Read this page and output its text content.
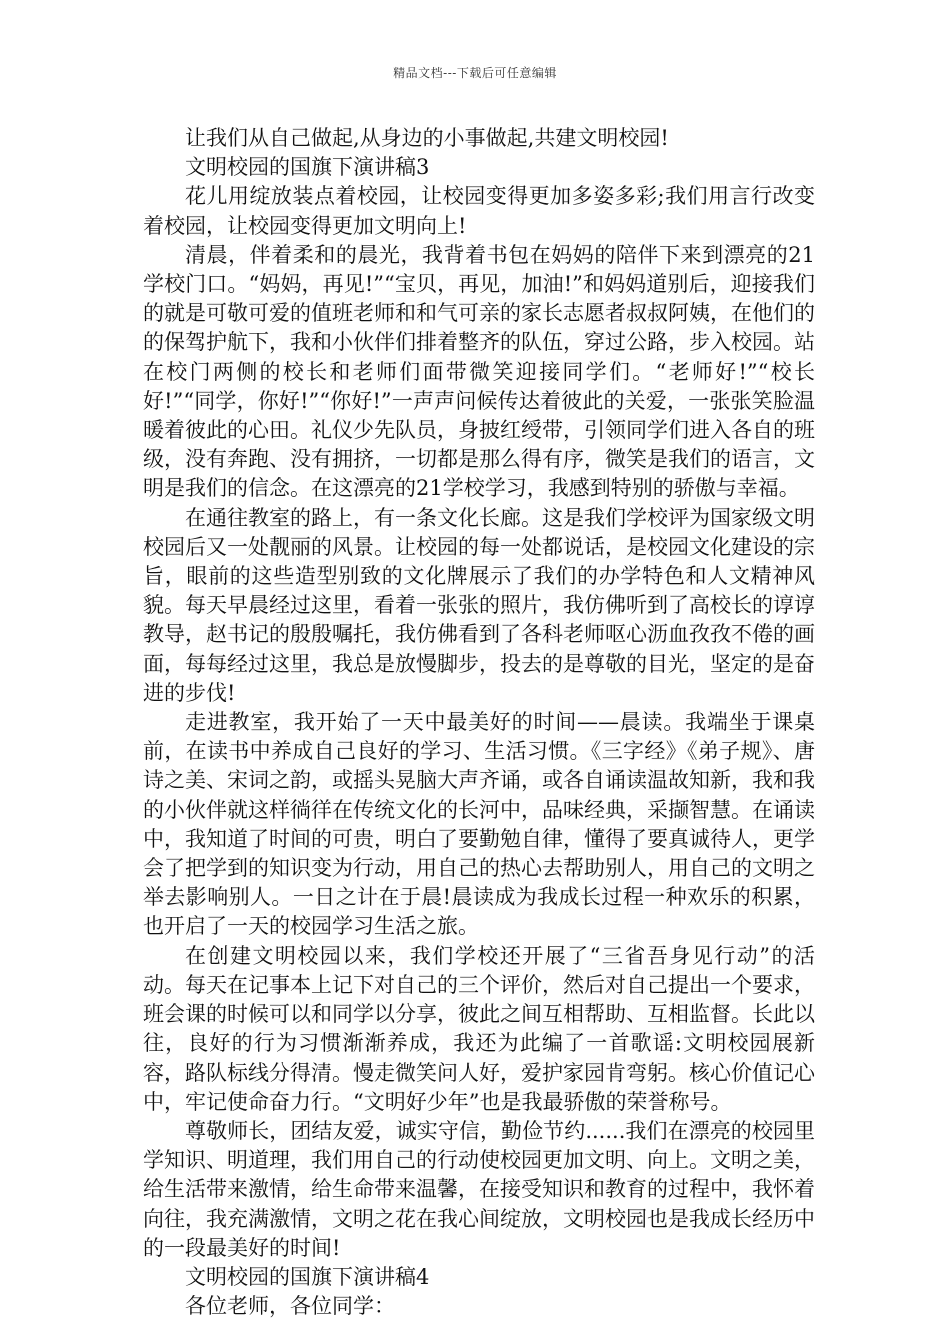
精品文档---下载后可任意编辑

让我们从自己做起,从身边的小事做起,共建文明校园!

文明校园的国旗下演讲稿3

花儿用绽放装点着校园，让校园变得更加多姿多彩;我们用言行改变着校园，让校园变得更加文明向上!

清晨，伴着柔和的晨光，我背着书包在妈妈的陪伴下来到漂亮的21学校门口。“妈妈，再见!”“宝贝，再见，加油!”和妈妈道别后，迎接我们的就是可敬可爱的值班老师和和气可亲的家长志愿者叔叔阿姨，在他们的的保驾护航下，我和小伙伴们排着整齐的队伍，穿过公路，步入校园。站在校门两侧的校长和老师们面带微笑迎接同学们。“老师好!”“校长好!”“同学，你好!”“你好!”一声声问候传达着彼此的关爱，一张张笑脸温暖着彼此的心田。礼仪少先队员，身披红绶带，引领同学们进入各自的班级，没有奔跑、没有拥挤，一切都是那么得有序，微笑是我们的语言，文明是我们的信念。在这漂亮的21学校学习，我感到特别的骄傲与幸福。

在通往教室的路上，有一条文化长廊。这是我们学校评为国家级文明校园后又一处靓丽的风景。让校园的每一处都说话，是校园文化建设的宗旨，眼前的这些造型别致的文化牌展示了我们的办学特色和人文精神风貌。每天早晨经过这里，看着一张张的照片，我仿佛听到了高校长的谆谆教导，赵书记的殷殷嘱托，我仿佛看到了各科老师呕心沥血孜孜不倦的画面，每每经过这里，我总是放慢脚步，投去的是尊敬的目光，坚定的是奋进的步伐!

走进教室，我开始了一天中最美好的时间——晨读。我端坐于课桌前，在读书中养成自己良好的学习、生活习惯。《三字经》《弟子规》、唐诗之美、宋词之韵，或摇头晃脑大声齐诵，或各自诵读温故知新，我和我的小伙伴就这样徜徉在传统文化的长河中，品味经典，采撷智慧。在诵读中，我知道了时间的可贵，明白了要勤勉自律，懂得了要真诚待人，更学会了把学到的知识变为行动，用自己的热心去帮助别人，用自己的文明之举去影响别人。一日之计在于晨!晨读成为我成长过程一种欢乐的积累，也开启了一天的校园学习生活之旅。

在创建文明校园以来，我们学校还开展了“三省吾身见行动”的活动。每天在记事本上记下对自己的三个评价，然后对自己提出一个要求，班会课的时候可以和同学以分享，彼此之间互相帮助、互相监督。长此以往，良好的行为习惯渐渐养成，我还为此编了一首歌谣:文明校园展新容，路队标线分得清。慢走微笑问人好，爱护家园肯弯躬。核心价值记心中，牢记使命奋力行。“文明好少年”也是我最骄傲的荣誉称号。

尊敬师长，团结友爱，诚实守信，勤俭节约......我们在漂亮的校园里学知识、明道理，我们用自己的行动使校园更加文明、向上。文明之美，给生活带来激情，给生命带来温馨，在接受知识和教育的过程中，我怀着向往，我充满激情，文明之花在我心间绽放，文明校园也是我成长经历中的一段最美好的时间!

文明校园的国旗下演讲稿4

各位老师，各位同学：
